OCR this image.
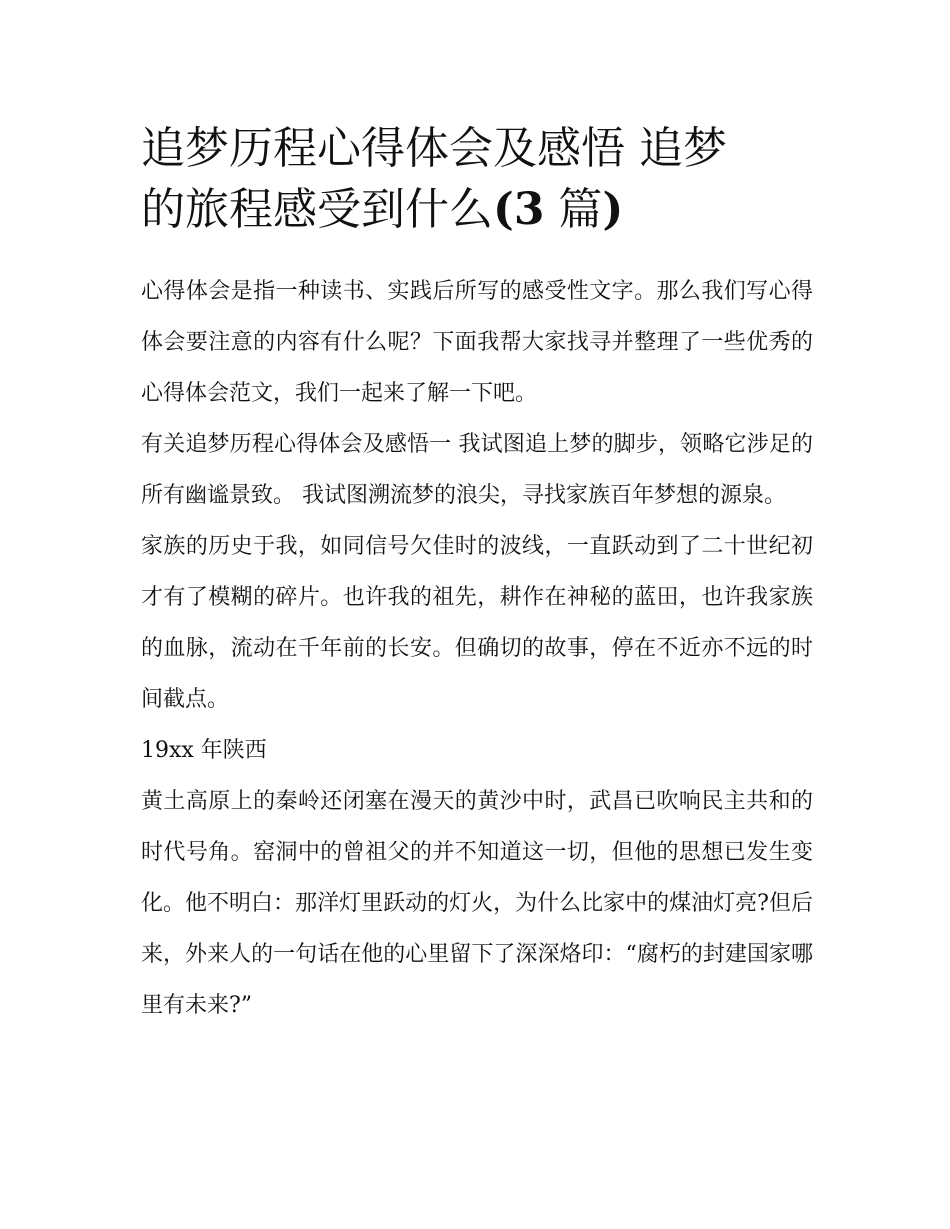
追梦历程心得体会及感悟 追梦
的旅程感受到什么(3 篇)

心得体会是指一种读书、实践后所写的感受性文字。那么我们写心得体会要注意的内容有什么呢？下面我帮大家找寻并整理了一些优秀的心得体会范文，我们一起来了解一下吧。

有关追梦历程心得体会及感悟一 我试图追上梦的脚步，领略它涉足的所有幽谧景致。 我试图溯流梦的浪尖，寻找家族百年梦想的源泉。

家族的历史于我，如同信号欠佳时的波线，一直跃动到了二十世纪初才有了模糊的碎片。也许我的祖先，耕作在神秘的蓝田，也许我家族的血脉，流动在千年前的长安。但确切的故事，停在不近亦不远的时间截点。

19xx 年陕西

黄土高原上的秦岭还闭塞在漫天的黄沙中时，武昌已吹响民主共和的时代号角。窑洞中的曾祖父的并不知道这一切，但他的思想已发生变化。他不明白：那洋灯里跃动的灯火，为什么比家中的煤油灯亮?但后来，外来人的一句话在他的心里留下了深深烙印：“腐朽的封建国家哪里有未来?”
